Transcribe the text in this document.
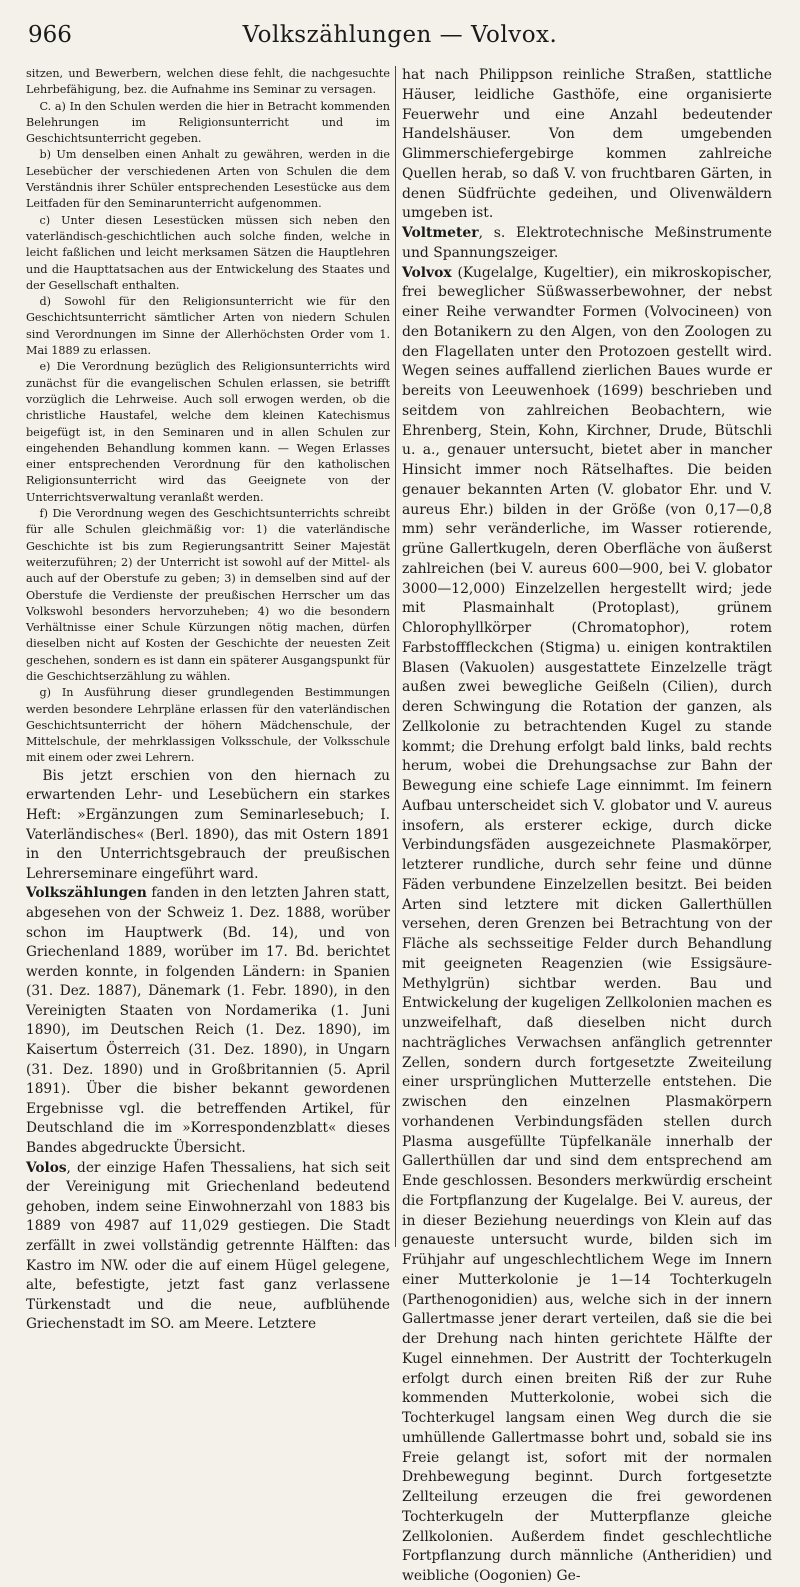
966	Volkszählungen — Volvox.

sitzen, und Bewerbern, welchen diese fehlt, die nachgesuchte Lehrbefähigung, bez. die Aufnahme ins Seminar zu versagen.

C. a) In den Schulen werden die hier in Betracht kommenden Belehrungen im Religionsunterricht und im Geschichtsunterricht gegeben.

b) Um denselben einen Anhalt zu gewähren, werden in die Lesebücher der verschiedenen Arten von Schulen die dem Verständnis ihrer Schüler entsprechenden Lesestücke aus dem Leitfaden für den Seminarunterricht aufgenommen.

c) Unter diesen Lesestücken müssen sich neben den vaterländisch-geschichtlichen auch solche finden, welche in leicht faßlichen und leicht merksamen Sätzen die Hauptlehren und die Haupttatsachen aus der Entwickelung des Staates und der Gesellschaft enthalten.

d) Sowohl für den Religionsunterricht wie für den Geschichtsunterricht sämtlicher Arten von niedern Schulen sind Verordnungen im Sinne der Allerhöchsten Order vom 1. Mai 1889 zu erlassen.

e) Die Verordnung bezüglich des Religionsunterrichts wird zunächst für die evangelischen Schulen erlassen, sie betrifft vorzüglich die Lehrweise. Auch soll erwogen werden, ob die christliche Haustafel, welche dem kleinen Katechismus beigefügt ist, in den Seminaren und in allen Schulen zur eingehenden Behandlung kommen kann. — Wegen Erlasses einer entsprechenden Verordnung für den katholischen Religionsunterricht wird das Geeignete von der Unterrichtsverwaltung veranlaßt werden.

f) Die Verordnung wegen des Geschichtsunterrichts schreibt für alle Schulen gleichmäßig vor: 1) die vaterländische Geschichte ist bis zum Regierungsantritt Seiner Majestät weiterzuführen; 2) der Unterricht ist sowohl auf der Mittel- als auch auf der Oberstufe zu geben; 3) in demselben sind auf der Oberstufe die Verdienste der preußischen Herrscher um das Volkswohl besonders hervorzuheben; 4) wo die besondern Verhältnisse einer Schule Kürzungen nötig machen, dürfen dieselben nicht auf Kosten der Geschichte der neuesten Zeit geschehen, sondern es ist dann ein späterer Ausgangspunkt für die Geschichtserzählung zu wählen.

g) In Ausführung dieser grundlegenden Bestimmungen werden besondere Lehrpläne erlassen für den vaterländischen Geschichtsunterricht der höhern Mädchenschule, der Mittelschule, der mehrklassigen Volksschule, der Volksschule mit einem oder zwei Lehrern.

Bis jetzt erschien von den hiernach zu erwartenden Lehr- und Lesebüchern ein starkes Heft: »Ergänzungen zum Seminarlesebuch; I. Vaterländisches« (Berl. 1890), das mit Ostern 1891 in den Unterrichtsgebrauch der preußischen Lehrerseminare eingeführt ward.

Volkszählungen fanden in den letzten Jahren statt, abgesehen von der Schweiz 1. Dez. 1888, worüber schon im Hauptwerk (Bd. 14), und von Griechenland 1889, worüber im 17. Bd. berichtet werden konnte, in folgenden Ländern: in Spanien (31. Dez. 1887), Dänemark (1. Febr. 1890), in den Vereinigten Staaten von Nordamerika (1. Juni 1890), im Deutschen Reich (1. Dez. 1890), im Kaisertum Österreich (31. Dez. 1890), in Ungarn (31. Dez. 1890) und in Großbritannien (5. April 1891). Über die bisher bekannt gewordenen Ergebnisse vgl. die betreffenden Artikel, für Deutschland die im »Korrespondenzblatt« dieses Bandes abgedruckte Übersicht.

Volos, der einzige Hafen Thessaliens, hat sich seit der Vereinigung mit Griechenland bedeutend gehoben, indem seine Einwohnerzahl von 1883 bis 1889 von 4987 auf 11,029 gestiegen. Die Stadt zerfällt in zwei vollständig getrennte Hälften: das Kastro im NW. oder die auf einem Hügel gelegene, alte, befestigte, jetzt fast ganz verlassene Türkenstadt und die neue, aufblühende Griechenstadt im SO. am Meere. Letztere

hat nach Philippson reinliche Straßen, stattliche Häuser, leidliche Gasthöfe, eine organisierte Feuerwehr und eine Anzahl bedeutender Handelshäuser. Von dem umgebenden Glimmerschiefergebirge kommen zahlreiche Quellen herab, so daß V. von fruchtbaren Gärten, in denen Südfrüchte gedeihen, und Olivenwäldern umgeben ist.

Voltmeter, s. Elektrotechnische Meßinstrumente und Spannungszeiger.

Volvox (Kugelalge, Kugeltier), ein mikroskopischer, frei beweglicher Süßwasserbewohner, der nebst einer Reihe verwandter Formen (Volvocineen) von den Botanikern zu den Algen, von den Zoologen zu den Flagellaten unter den Protozoen gestellt wird. Wegen seines auffallend zierlichen Baues wurde er bereits von Leeuwenhoek (1699) beschrieben und seitdem von zahlreichen Beobachtern, wie Ehrenberg, Stein, Kohn, Kirchner, Drude, Bütschli u. a., genauer untersucht, bietet aber in mancher Hinsicht immer noch Rätselhaftes. Die beiden genauer bekannten Arten (V. globator Ehr. und V. aureus Ehr.) bilden in der Größe (von 0,17—0,8 mm) sehr veränderliche, im Wasser rotierende, grüne Gallertkugeln, deren Oberfläche von äußerst zahlreichen (bei V. aureus 600—900, bei V. globator 3000—12,000) Einzelzellen hergestellt wird; jede mit Plasmainhalt (Protoplast), grünem Chlorophyllkörper (Chromatophor), rotem Farbstofffleckchen (Stigma) u. einigen kontraktilen Blasen (Vakuolen) ausgestattete Einzelzelle trägt außen zwei bewegliche Geißeln (Cilien), durch deren Schwingung die Rotation der ganzen, als Zellkolonie zu betrachtenden Kugel zu stande kommt; die Drehung erfolgt bald links, bald rechts herum, wobei die Drehungsachse zur Bahn der Bewegung eine schiefe Lage einnimmt. Im feinern Aufbau unterscheidet sich V. globator und V. aureus insofern, als ersterer eckige, durch dicke Verbindungsfäden ausgezeichnete Plasmakörper, letzterer rundliche, durch sehr feine und dünne Fäden verbundene Einzelzellen besitzt. Bei beiden Arten sind letztere mit dicken Gallerthüllen versehen, deren Grenzen bei Betrachtung von der Fläche als sechsseitige Felder durch Behandlung mit geeigneten Reagenzien (wie Essigsäure-Methylgrün) sichtbar werden. Bau und Entwickelung der kugeligen Zellkolonien machen es unzweifelhaft, daß dieselben nicht durch nachträgliches Verwachsen anfänglich getrennter Zellen, sondern durch fortgesetzte Zweiteilung einer ursprünglichen Mutterzelle entstehen. Die zwischen den einzelnen Plasmakörpern vorhandenen Verbindungsfäden stellen durch Plasma ausgefüllte Tüpfelkanäle innerhalb der Gallerthüllen dar und sind dem entsprechend am Ende geschlossen. Besonders merkwürdig erscheint die Fortpflanzung der Kugelalge. Bei V. aureus, der in dieser Beziehung neuerdings von Klein auf das genaueste untersucht wurde, bilden sich im Frühjahr auf ungeschlechtlichem Wege im Innern einer Mutterkolonie je 1—14 Tochterkugeln (Parthenogonidien) aus, welche sich in der innern Gallertmasse jener derart verteilen, daß sie die bei der Drehung nach hinten gerichtete Hälfte der Kugel einnehmen. Der Austritt der Tochterkugeln erfolgt durch einen breiten Riß der zur Ruhe kommenden Mutterkolonie, wobei sich die Tochterkugel langsam einen Weg durch die sie umhüllende Gallertmasse bohrt und, sobald sie ins Freie gelangt ist, sofort mit der normalen Drehbewegung beginnt. Durch fortgesetzte Zellteilung erzeugen die frei gewordenen Tochterkugeln der Mutterpflanze gleiche Zellkolonien. Außerdem findet geschlechtliche Fortpflanzung durch männliche (Antheridien) und weibliche (Oogonien) Ge-
